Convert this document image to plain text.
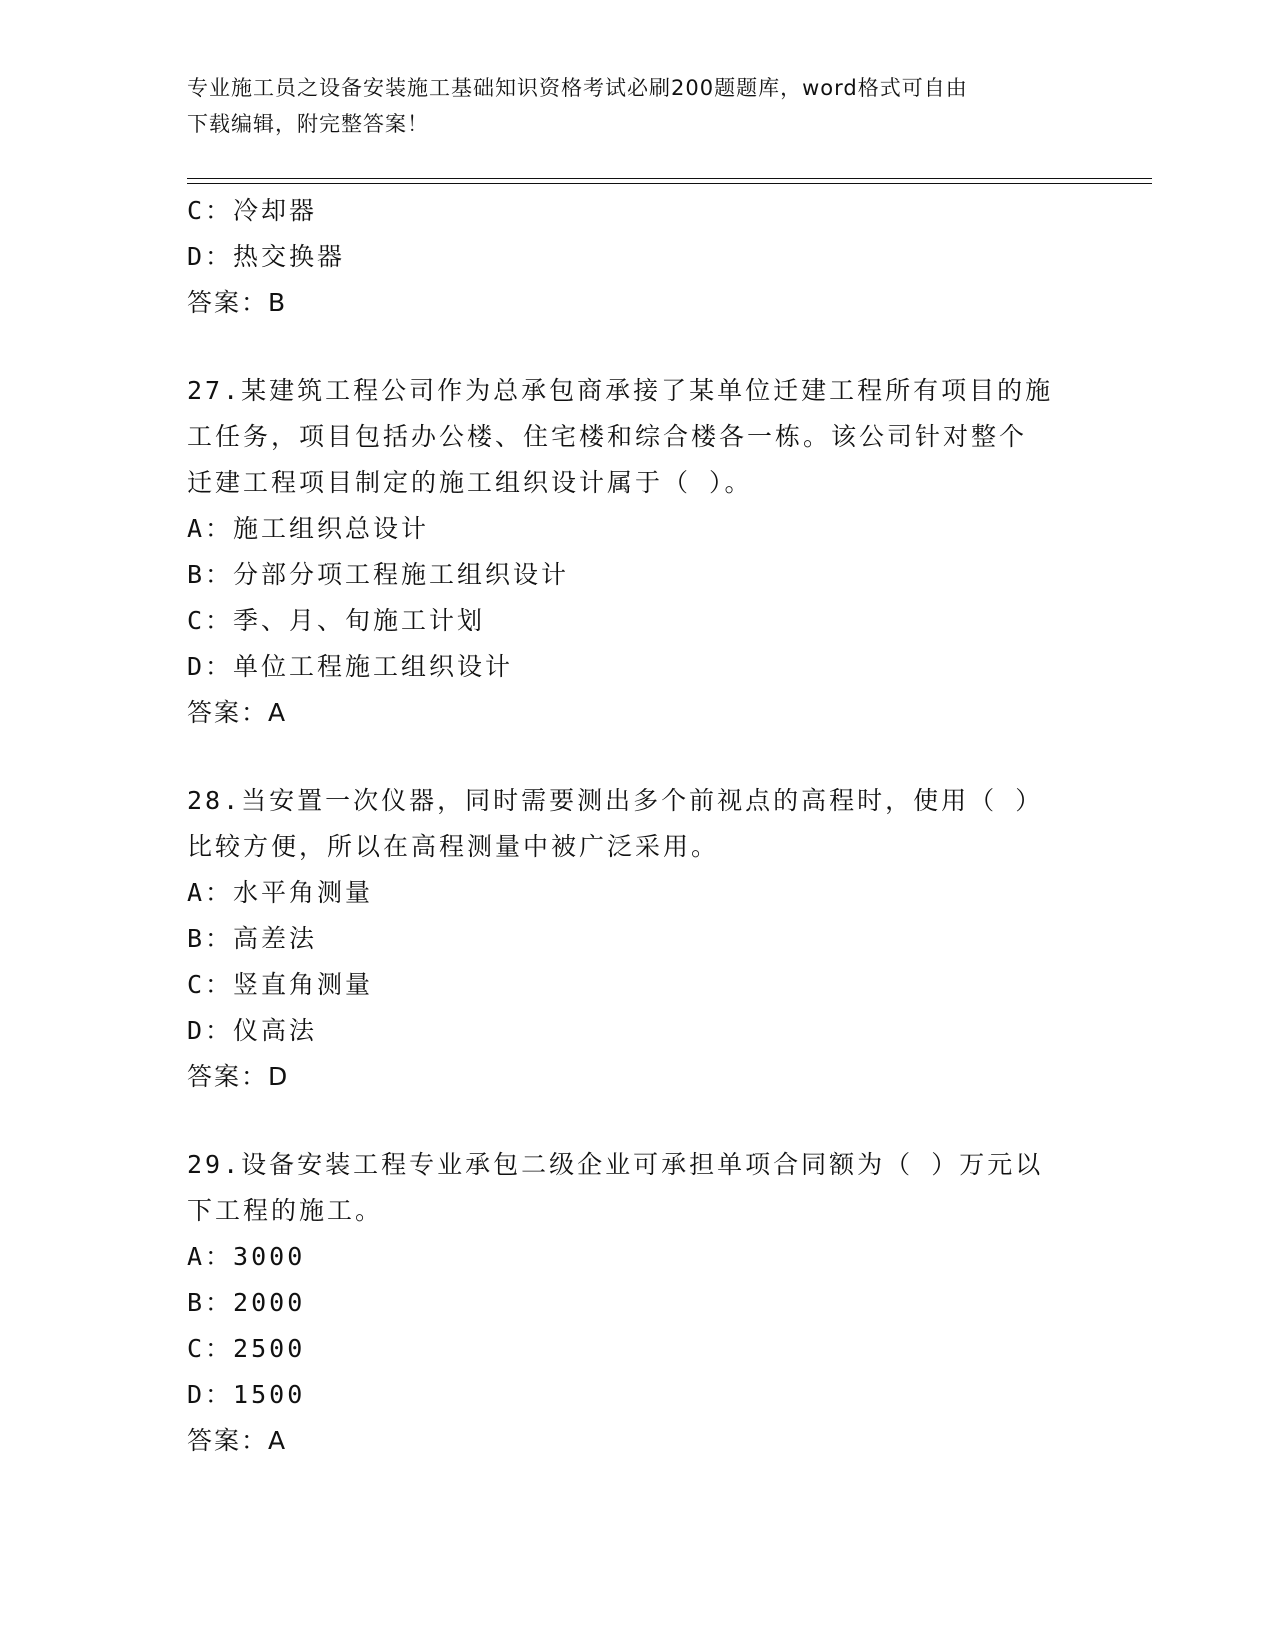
专业施工员之设备安装施工基础知识资格考试必刷200题题库，word格式可自由
下载编辑，附完整答案！
C：冷却器
D：热交换器
答案：B
27.某建筑工程公司作为总承包商承接了某单位迁建工程所有项目的施
工任务，项目包括办公楼、住宅楼和综合楼各一栋。该公司针对整个
迁建工程项目制定的施工组织设计属于（ ）。
A：施工组织总设计
B：分部分项工程施工组织设计
C：季、月、旬施工计划
D：单位工程施工组织设计
答案：A
28.当安置一次仪器，同时需要测出多个前视点的高程时，使用（ ）
比较方便，所以在高程测量中被广泛采用。
A：水平角测量
B：高差法
C：竖直角测量
D：仪高法
答案：D
29.设备安装工程专业承包二级企业可承担单项合同额为（ ）万元以
下工程的施工。
A：3000
B：2000
C：2500
D：1500
答案：A
